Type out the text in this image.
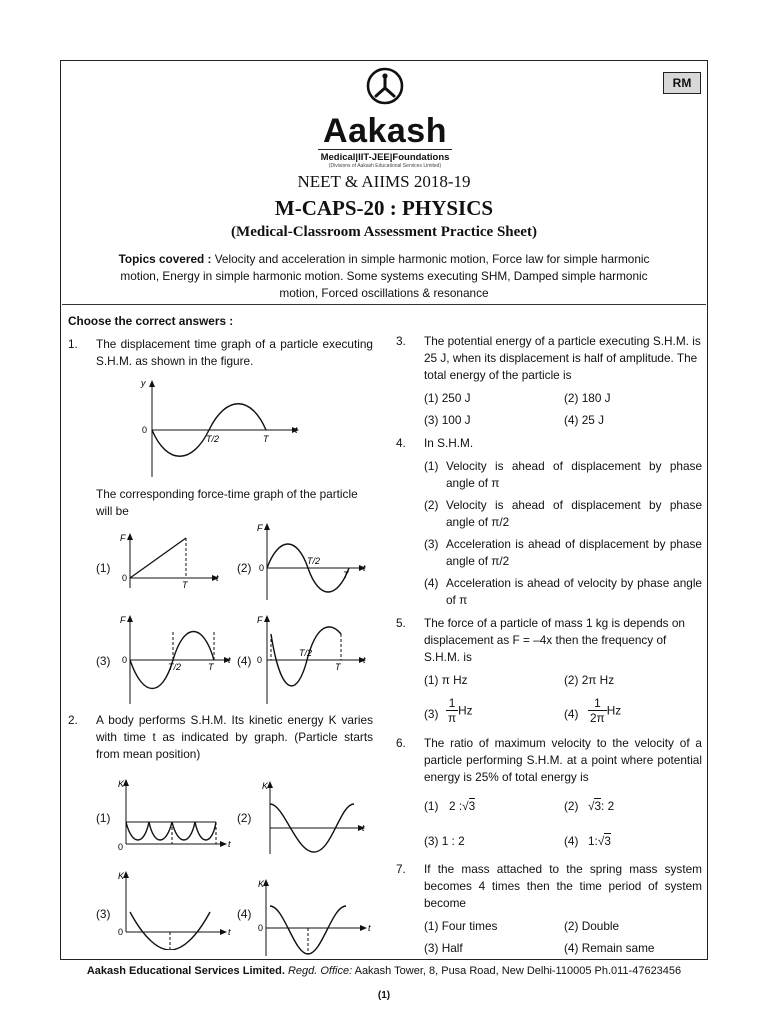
RM
Aakash
Medical|IIT-JEE|Foundations
(Divisions of Aakash Educational Services Limited)
NEET & AIIMS 2018-19
M-CAPS-20 : PHYSICS
(Medical-Classroom Assessment Practice Sheet)
Topics covered : Velocity and acceleration in simple harmonic motion, Force law for simple harmonic motion, Energy in simple harmonic motion. Some systems executing SHM, Damped simple harmonic motion, Forced oscillations & resonance
Choose the correct answers :
1. The displacement time graph of a particle executing S.H.M. as shown in the figure.
y
0
T/2	T
t
The corresponding force-time graph of the particle will be
(1)
F
0
T
t
(2)
F
0
T/2
T
t
(3)
F
0
T/2	T
t (4)
F
0
T/2
T
t
2. A body performs S.H.M. Its kinetic energy K varies with time t as indicated by graph. (Particle starts from mean position)
(1)
K
0	t
(2)
K
t
(3)
K
0	t
(4)
K
0	t
3. The potential energy of a particle executing S.H.M. is 25 J, when its displacement is half of amplitude. The total energy of the particle is
(1) 250 J	(2) 180 J
(3) 100 J	(4) 25 J
4. In S.H.M.
(1) Velocity is ahead of displacement by phase angle of π
(2) Velocity is ahead of displacement by phase angle of π/2
(3) Acceleration is ahead of displacement by phase angle of π/2
(4) Acceleration is ahead of velocity by phase angle of π
5. The force of a particle of mass 1 kg is depends on displacement as F = –4x then the frequency of S.H.M. is
(1) π Hz	(2) 2π Hz
$(3) \frac{1}{\pi}$ Hz	$(4) \frac{1}{2\pi}$ Hz
6. The ratio of maximum velocity to the velocity of a particle performing S.H.M. at a point where potential energy is 25% of total energy is
(1) 2 :√3	(2) √3: 2
(3) 1 : 2	(4) 1:√3
7. If the mass attached to the spring mass system becomes 4 times then the time period of system become
(1) Four times	(2) Double
(3) Half	(4) Remain same
Aakash Educational Services Limited. Regd. Office: Aakash Tower, 8, Pusa Road, New Delhi-110005 Ph.011-47623456
(1)
